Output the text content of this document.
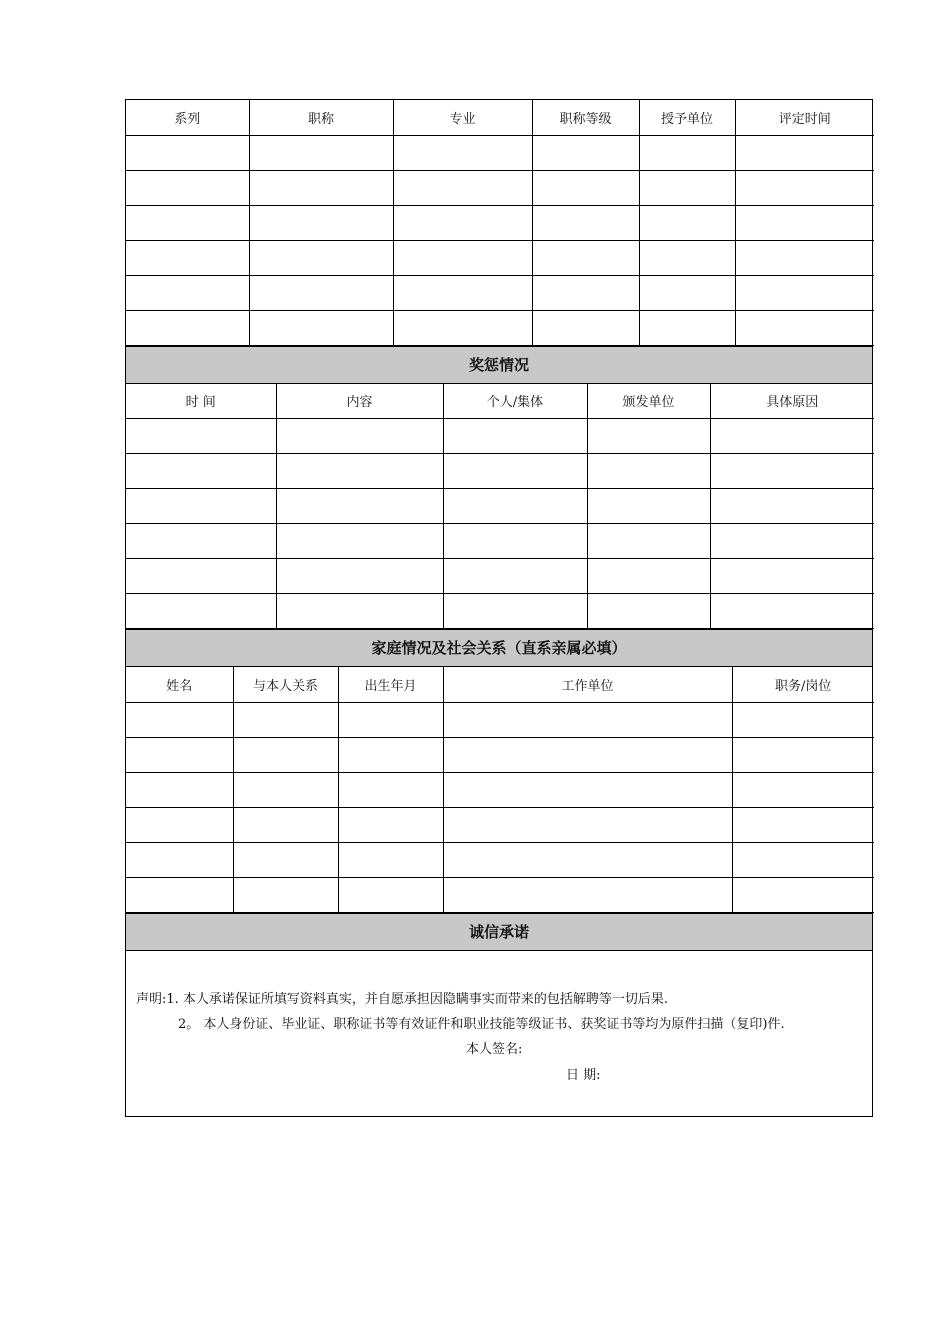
系列	职称	专业	职称等级	授予单位	评定时间

奖惩情况
时 间	内容	个人/集体	颁发单位	具体原因

家庭情况及社会关系（直系亲属必填）
姓名	与本人关系	出生年月	工作单位	职务/岗位

诚信承诺
声明:1. 本人承诺保证所填写资料真实，并自愿承担因隐瞒事实而带来的包括解聘等一切后果.
2。 本人身份证、毕业证、职称证书等有效证件和职业技能等级证书、获奖证书等均为原件扫描（复印)件.
本人签名:
日 期:
